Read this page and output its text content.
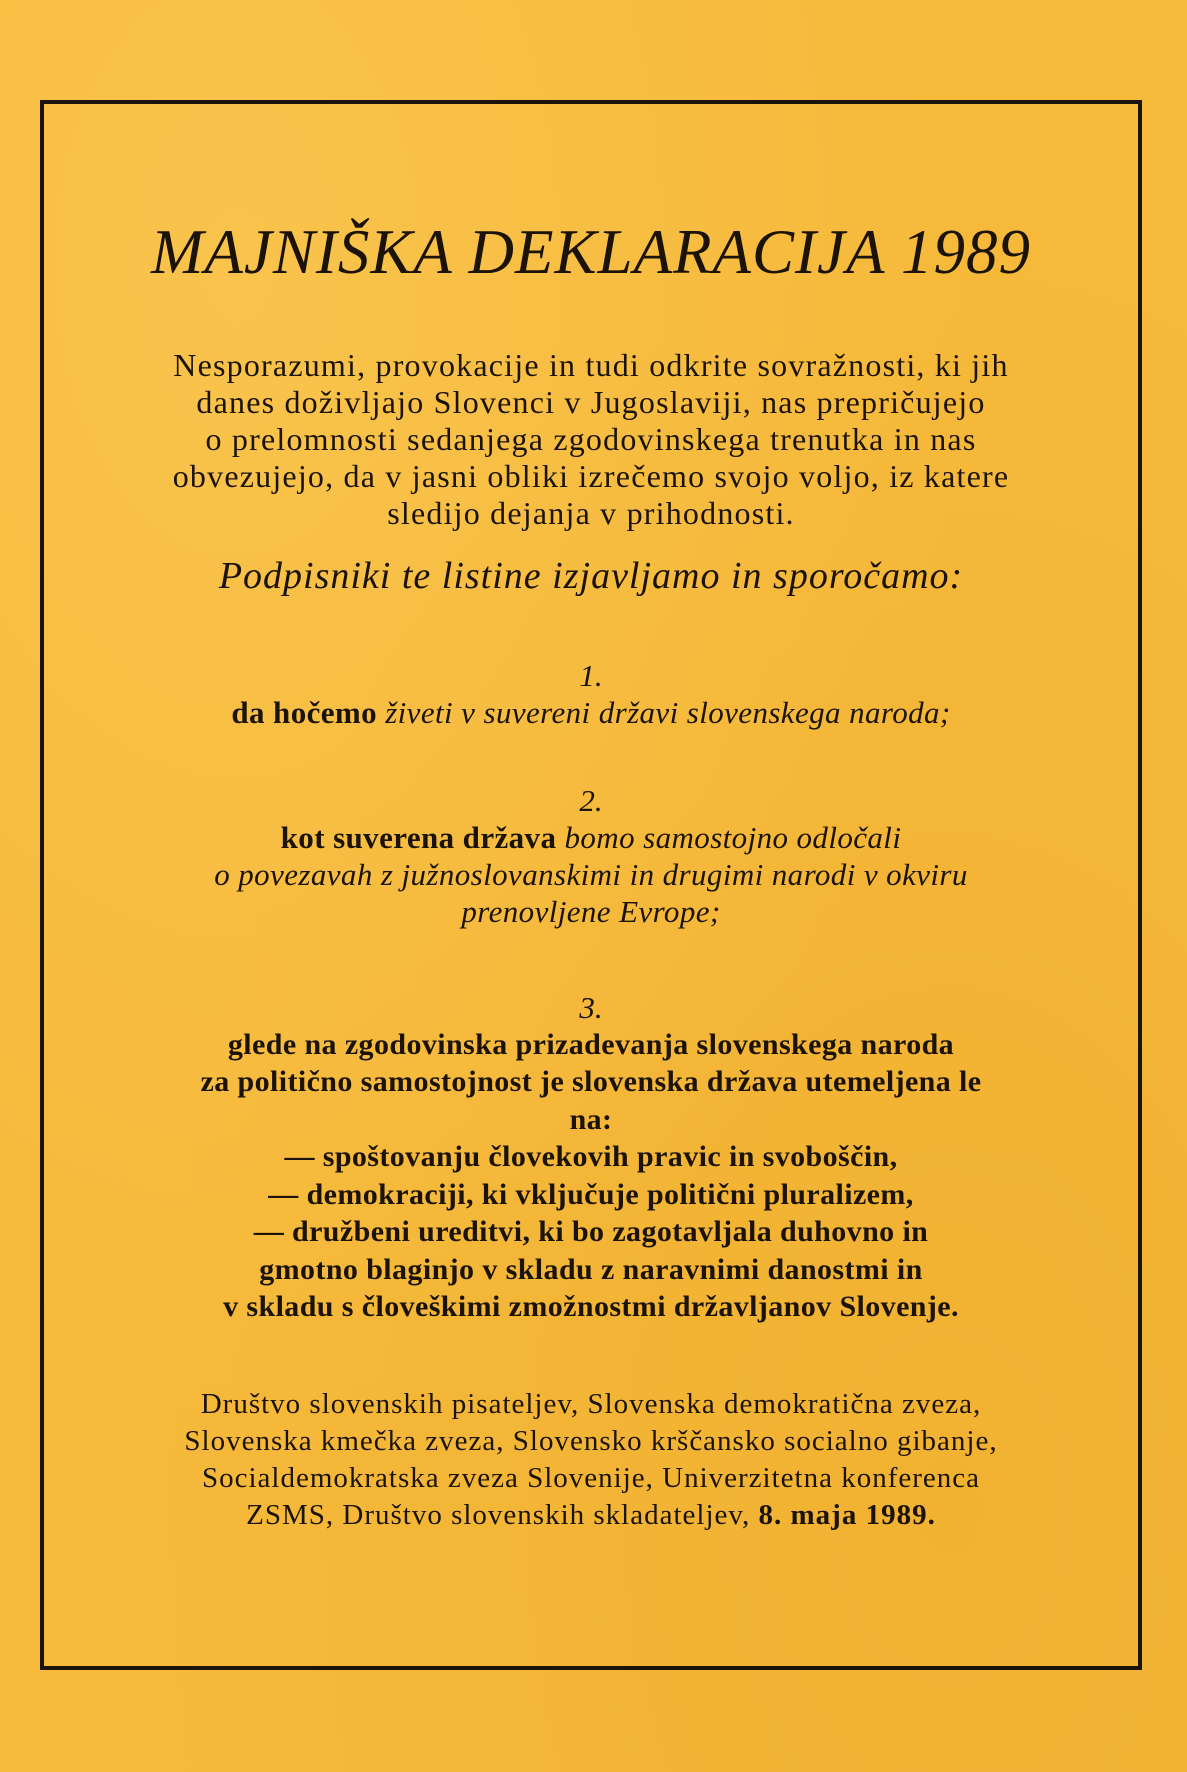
MAJNIŠKA DEKLARACIJA 1989
Nesporazumi, provokacije in tudi odkrite sovražnosti, ki jih
danes doživljajo Slovenci v Jugoslaviji, nas prepričujejo
o prelomnosti sedanjega zgodovinskega trenutka in nas
obvezujejo, da v jasni obliki izrečemo svojo voljo, iz katere
sledijo dejanja v prihodnosti.
Podpisniki te listine izjavljamo in sporočamo:
1.
da hočemo živeti v suvereni državi slovenskega naroda;
2.
kot suverena država bomo samostojno odločali
o povezavah z južnoslovanskimi in drugimi narodi v okviru
prenovljene Evrope;
3.
glede na zgodovinska prizadevanja slovenskega naroda
za politično samostojnost je slovenska država utemeljena le
na:
— spoštovanju človekovih pravic in svoboščin,
— demokraciji, ki vključuje politični pluralizem,
— družbeni ureditvi, ki bo zagotavljala duhovno in
gmotno blaginjo v skladu z naravnimi danostmi in
v skladu s človeškimi zmožnostmi državljanov Slovenje.
Društvo slovenskih pisateljev, Slovenska demokratična zveza,
Slovenska kmečka zveza, Slovensko krščansko socialno gibanje,
Socialdemokratska zveza Slovenije, Univerzitetna konferenca
ZSMS, Društvo slovenskih skladateljev, 8. maja 1989.
